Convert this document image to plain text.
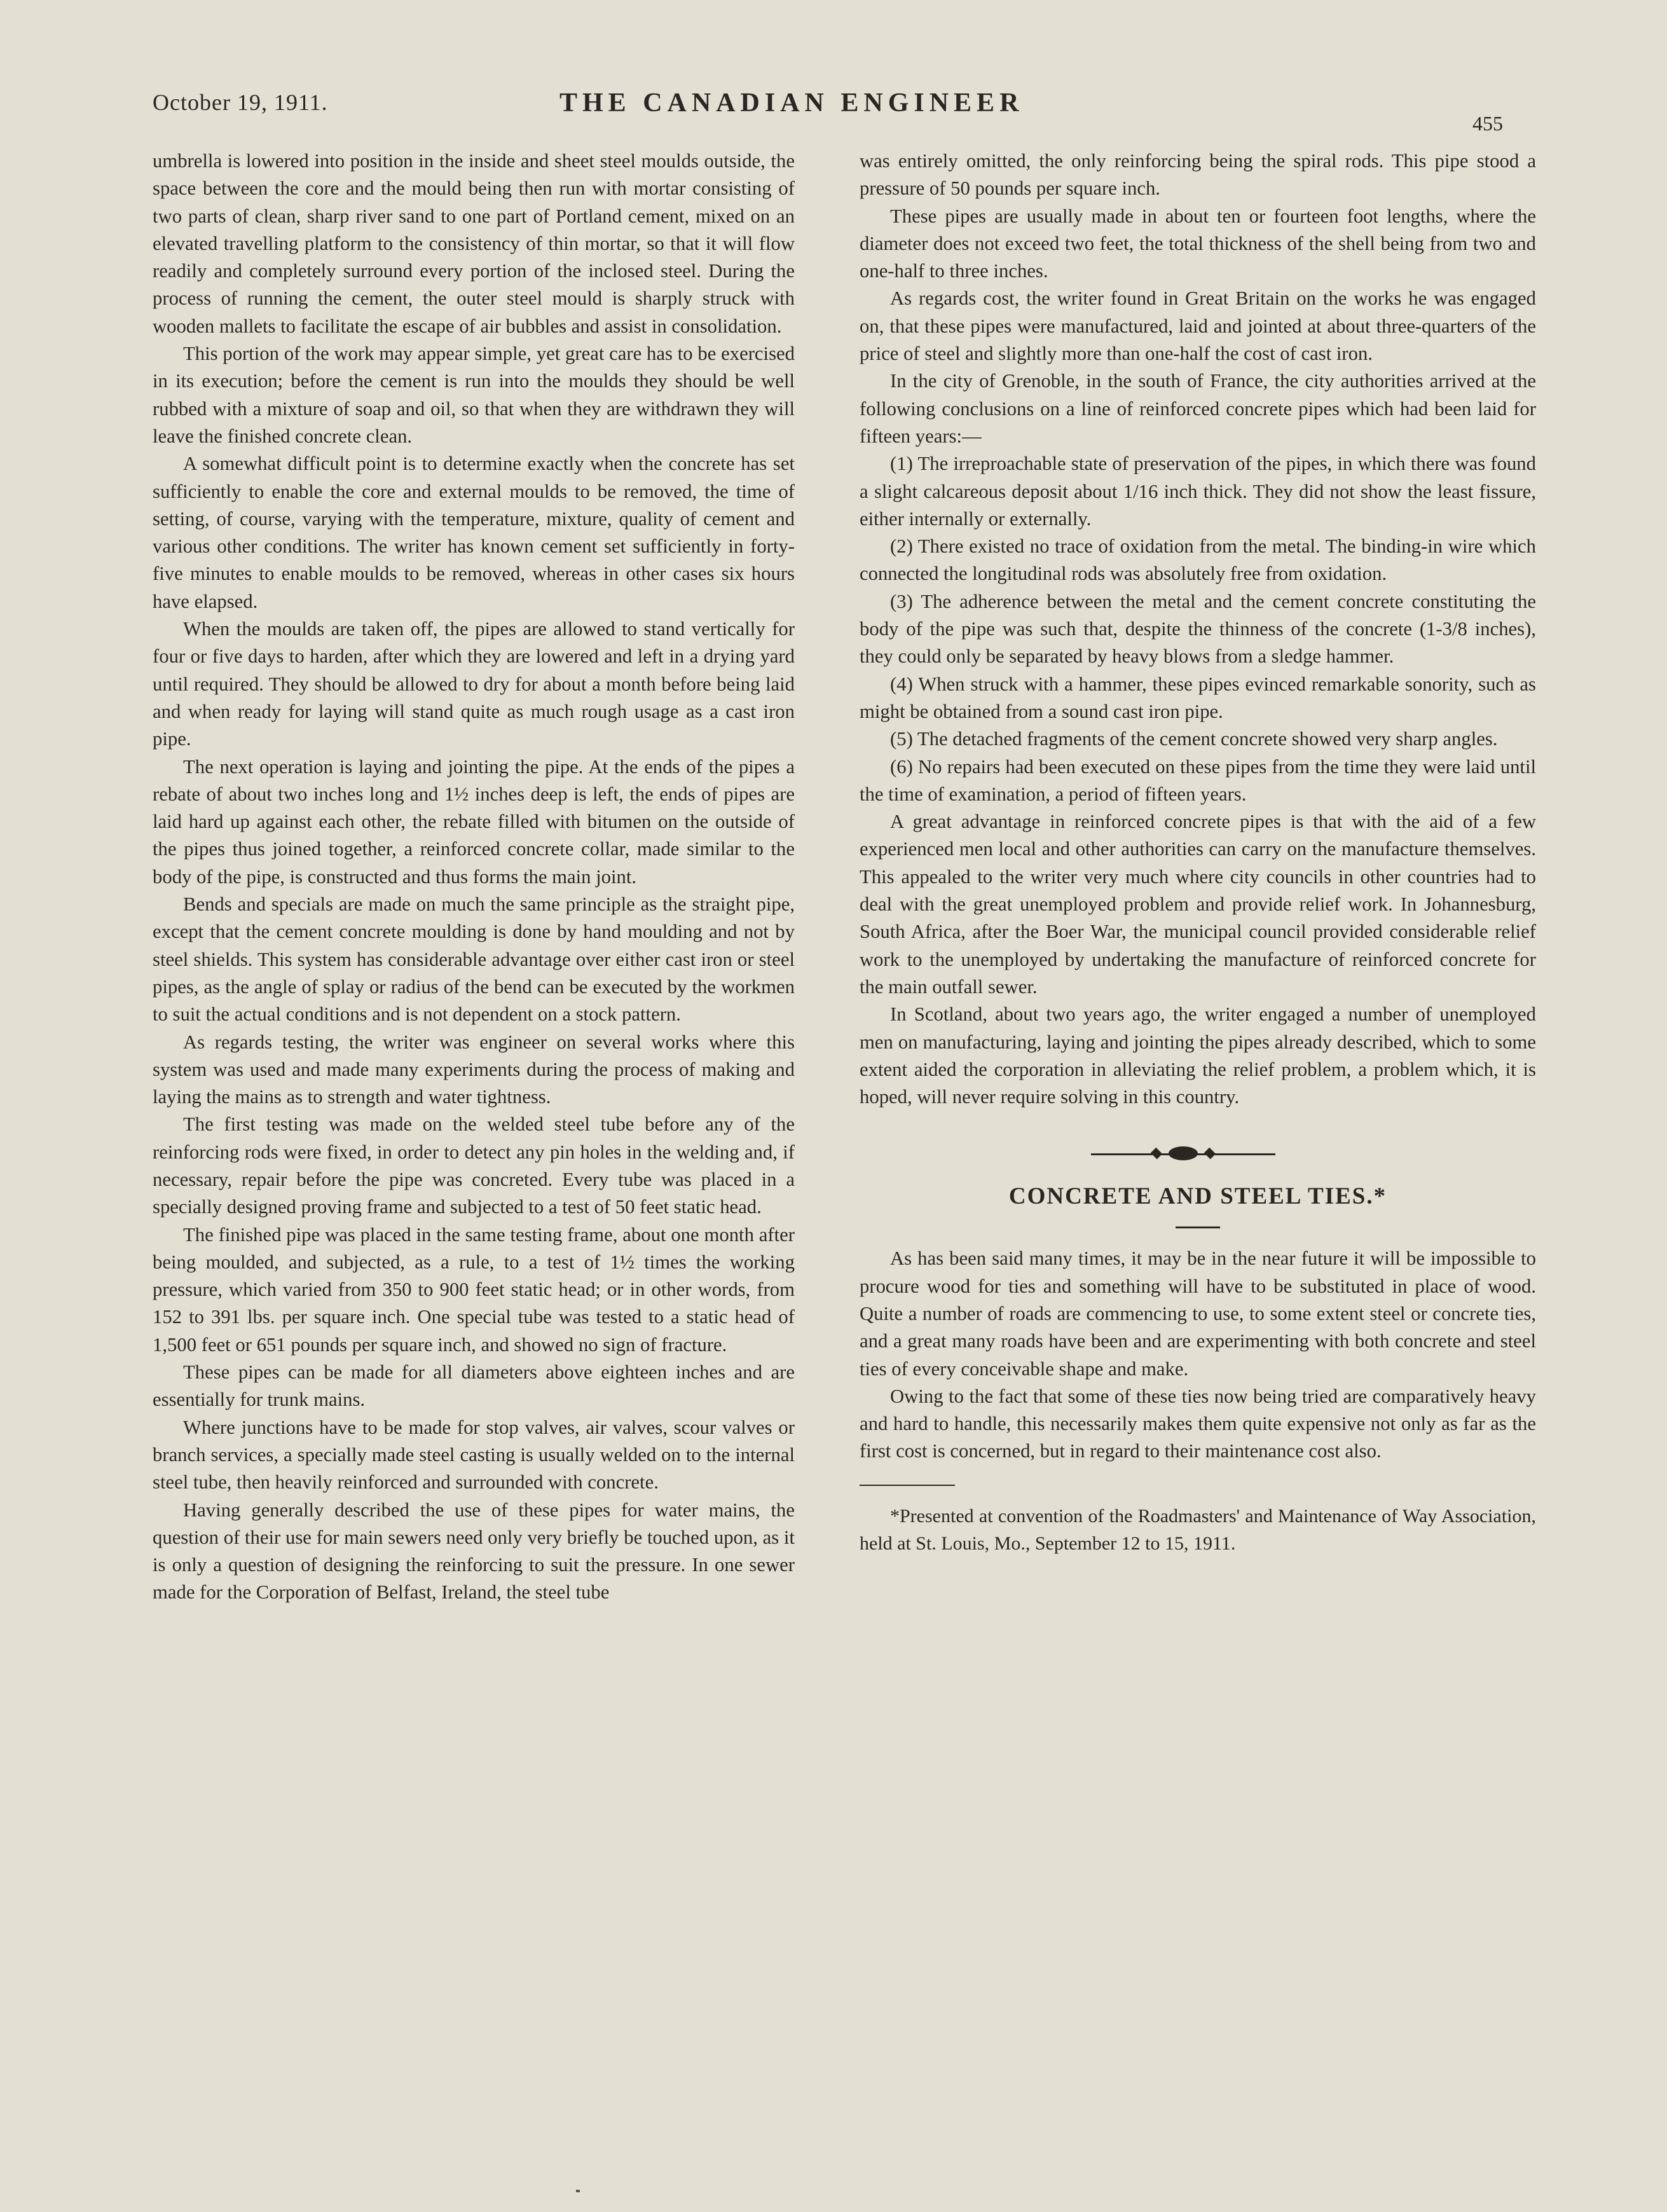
October 19, 1911.	THE CANADIAN ENGINEER
455

umbrella is lowered into position in the inside and sheet steel moulds outside, the space between the core and the mould being then run with mortar consisting of two parts of clean, sharp river sand to one part of Portland cement, mixed on an elevated travelling platform to the consistency of thin mortar, so that it will flow readily and completely surround every portion of the inclosed steel. During the process of running the cement, the outer steel mould is sharply struck with wooden mallets to facilitate the escape of air bubbles and assist in consolidation.

This portion of the work may appear simple, yet great care has to be exercised in its execution; before the cement is run into the moulds they should be well rubbed with a mixture of soap and oil, so that when they are withdrawn they will leave the finished concrete clean.

A somewhat difficult point is to determine exactly when the concrete has set sufficiently to enable the core and external moulds to be removed, the time of setting, of course, varying with the temperature, mixture, quality of cement and various other conditions. The writer has known cement set sufficiently in forty-five minutes to enable moulds to be removed, whereas in other cases six hours have elapsed.

When the moulds are taken off, the pipes are allowed to stand vertically for four or five days to harden, after which they are lowered and left in a drying yard until required. They should be allowed to dry for about a month before being laid and when ready for laying will stand quite as much rough usage as a cast iron pipe.

The next operation is laying and jointing the pipe. At the ends of the pipes a rebate of about two inches long and 1½ inches deep is left, the ends of pipes are laid hard up against each other, the rebate filled with bitumen on the outside of the pipes thus joined together, a reinforced concrete collar, made similar to the body of the pipe, is constructed and thus forms the main joint.

Bends and specials are made on much the same principle as the straight pipe, except that the cement concrete moulding is done by hand moulding and not by steel shields. This system has considerable advantage over either cast iron or steel pipes, as the angle of splay or radius of the bend can be executed by the workmen to suit the actual conditions and is not dependent on a stock pattern.

As regards testing, the writer was engineer on several works where this system was used and made many experiments during the process of making and laying the mains as to strength and water tightness.

The first testing was made on the welded steel tube before any of the reinforcing rods were fixed, in order to detect any pin holes in the welding and, if necessary, repair before the pipe was concreted. Every tube was placed in a specially designed proving frame and subjected to a test of 50 feet static head.

The finished pipe was placed in the same testing frame, about one month after being moulded, and subjected, as a rule, to a test of 1½ times the working pressure, which varied from 350 to 900 feet static head; or in other words, from 152 to 391 lbs. per square inch. One special tube was tested to a static head of 1,500 feet or 651 pounds per square inch, and showed no sign of fracture.

These pipes can be made for all diameters above eighteen inches and are essentially for trunk mains.

Where junctions have to be made for stop valves, air valves, scour valves or branch services, a specially made steel casting is usually welded on to the internal steel tube, then heavily reinforced and surrounded with concrete.

Having generally described the use of these pipes for water mains, the question of their use for main sewers need only very briefly be touched upon, as it is only a question of designing the reinforcing to suit the pressure. In one sewer made for the Corporation of Belfast, Ireland, the steel tube

was entirely omitted, the only reinforcing being the spiral rods. This pipe stood a pressure of 50 pounds per square inch.

These pipes are usually made in about ten or fourteen foot lengths, where the diameter does not exceed two feet, the total thickness of the shell being from two and one-half to three inches.

As regards cost, the writer found in Great Britain on the works he was engaged on, that these pipes were manufactured, laid and jointed at about three-quarters of the price of steel and slightly more than one-half the cost of cast iron.

In the city of Grenoble, in the south of France, the city authorities arrived at the following conclusions on a line of reinforced concrete pipes which had been laid for fifteen years:—

(1) The irreproachable state of preservation of the pipes, in which there was found a slight calcareous deposit about 1/16 inch thick. They did not show the least fissure, either internally or externally.

(2) There existed no trace of oxidation from the metal. The binding-in wire which connected the longitudinal rods was absolutely free from oxidation.

(3) The adherence between the metal and the cement concrete constituting the body of the pipe was such that, despite the thinness of the concrete (1-3/8 inches), they could only be separated by heavy blows from a sledge hammer.

(4) When struck with a hammer, these pipes evinced remarkable sonority, such as might be obtained from a sound cast iron pipe.

(5) The detached fragments of the cement concrete showed very sharp angles.

(6) No repairs had been executed on these pipes from the time they were laid until the time of examination, a period of fifteen years.

A great advantage in reinforced concrete pipes is that with the aid of a few experienced men local and other authorities can carry on the manufacture themselves. This appealed to the writer very much where city councils in other countries had to deal with the great unemployed problem and provide relief work. In Johannesburg, South Africa, after the Boer War, the municipal council provided considerable relief work to the unemployed by undertaking the manufacture of reinforced concrete for the main outfall sewer.

In Scotland, about two years ago, the writer engaged a number of unemployed men on manufacturing, laying and jointing the pipes already described, which to some extent aided the corporation in alleviating the relief problem, a problem which, it is hoped, will never require solving in this country.

CONCRETE AND STEEL TIES.*

As has been said many times, it may be in the near future it will be impossible to procure wood for ties and something will have to be substituted in place of wood. Quite a number of roads are commencing to use, to some extent steel or concrete ties, and a great many roads have been and are experimenting with both concrete and steel ties of every conceivable shape and make.

Owing to the fact that some of these ties now being tried are comparatively heavy and hard to handle, this necessarily makes them quite expensive not only as far as the first cost is concerned, but in regard to their maintenance cost also.

*Presented at convention of the Roadmasters' and Maintenance of Way Association, held at St. Louis, Mo., September 12 to 15, 1911.
